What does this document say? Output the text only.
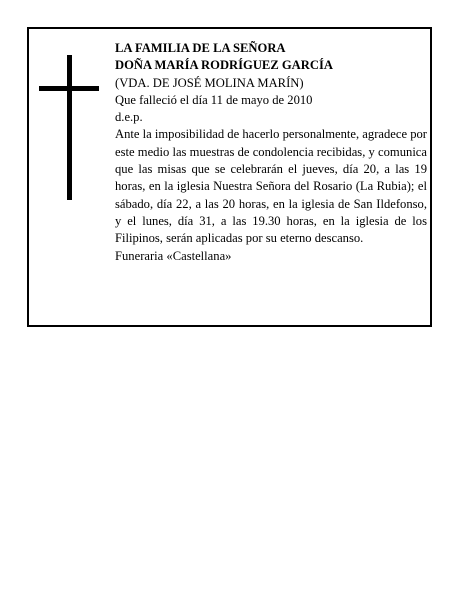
LA FAMILIA DE LA SEÑORA
DOÑA MARÍA RODRÍGUEZ GARCÍA
(VDA. DE JOSÉ MOLINA MARÍN)
Que falleció el día 11 de mayo de 2010
d.e.p.
Ante la imposibilidad de hacerlo personalmente, agradece por este medio las muestras de condolencia recibidas, y comunica que las misas que se celebrarán el jueves, día 20, a las 19 horas, en la iglesia Nuestra Señora del Rosario (La Rubia); el sábado, día 22, a las 20 horas, en la iglesia de San Ildefonso, y el lunes, día 31, a las 19.30 horas, en la iglesia de los Filipinos, serán aplicadas por su eterno descanso.
Funeraria «Castellana»
